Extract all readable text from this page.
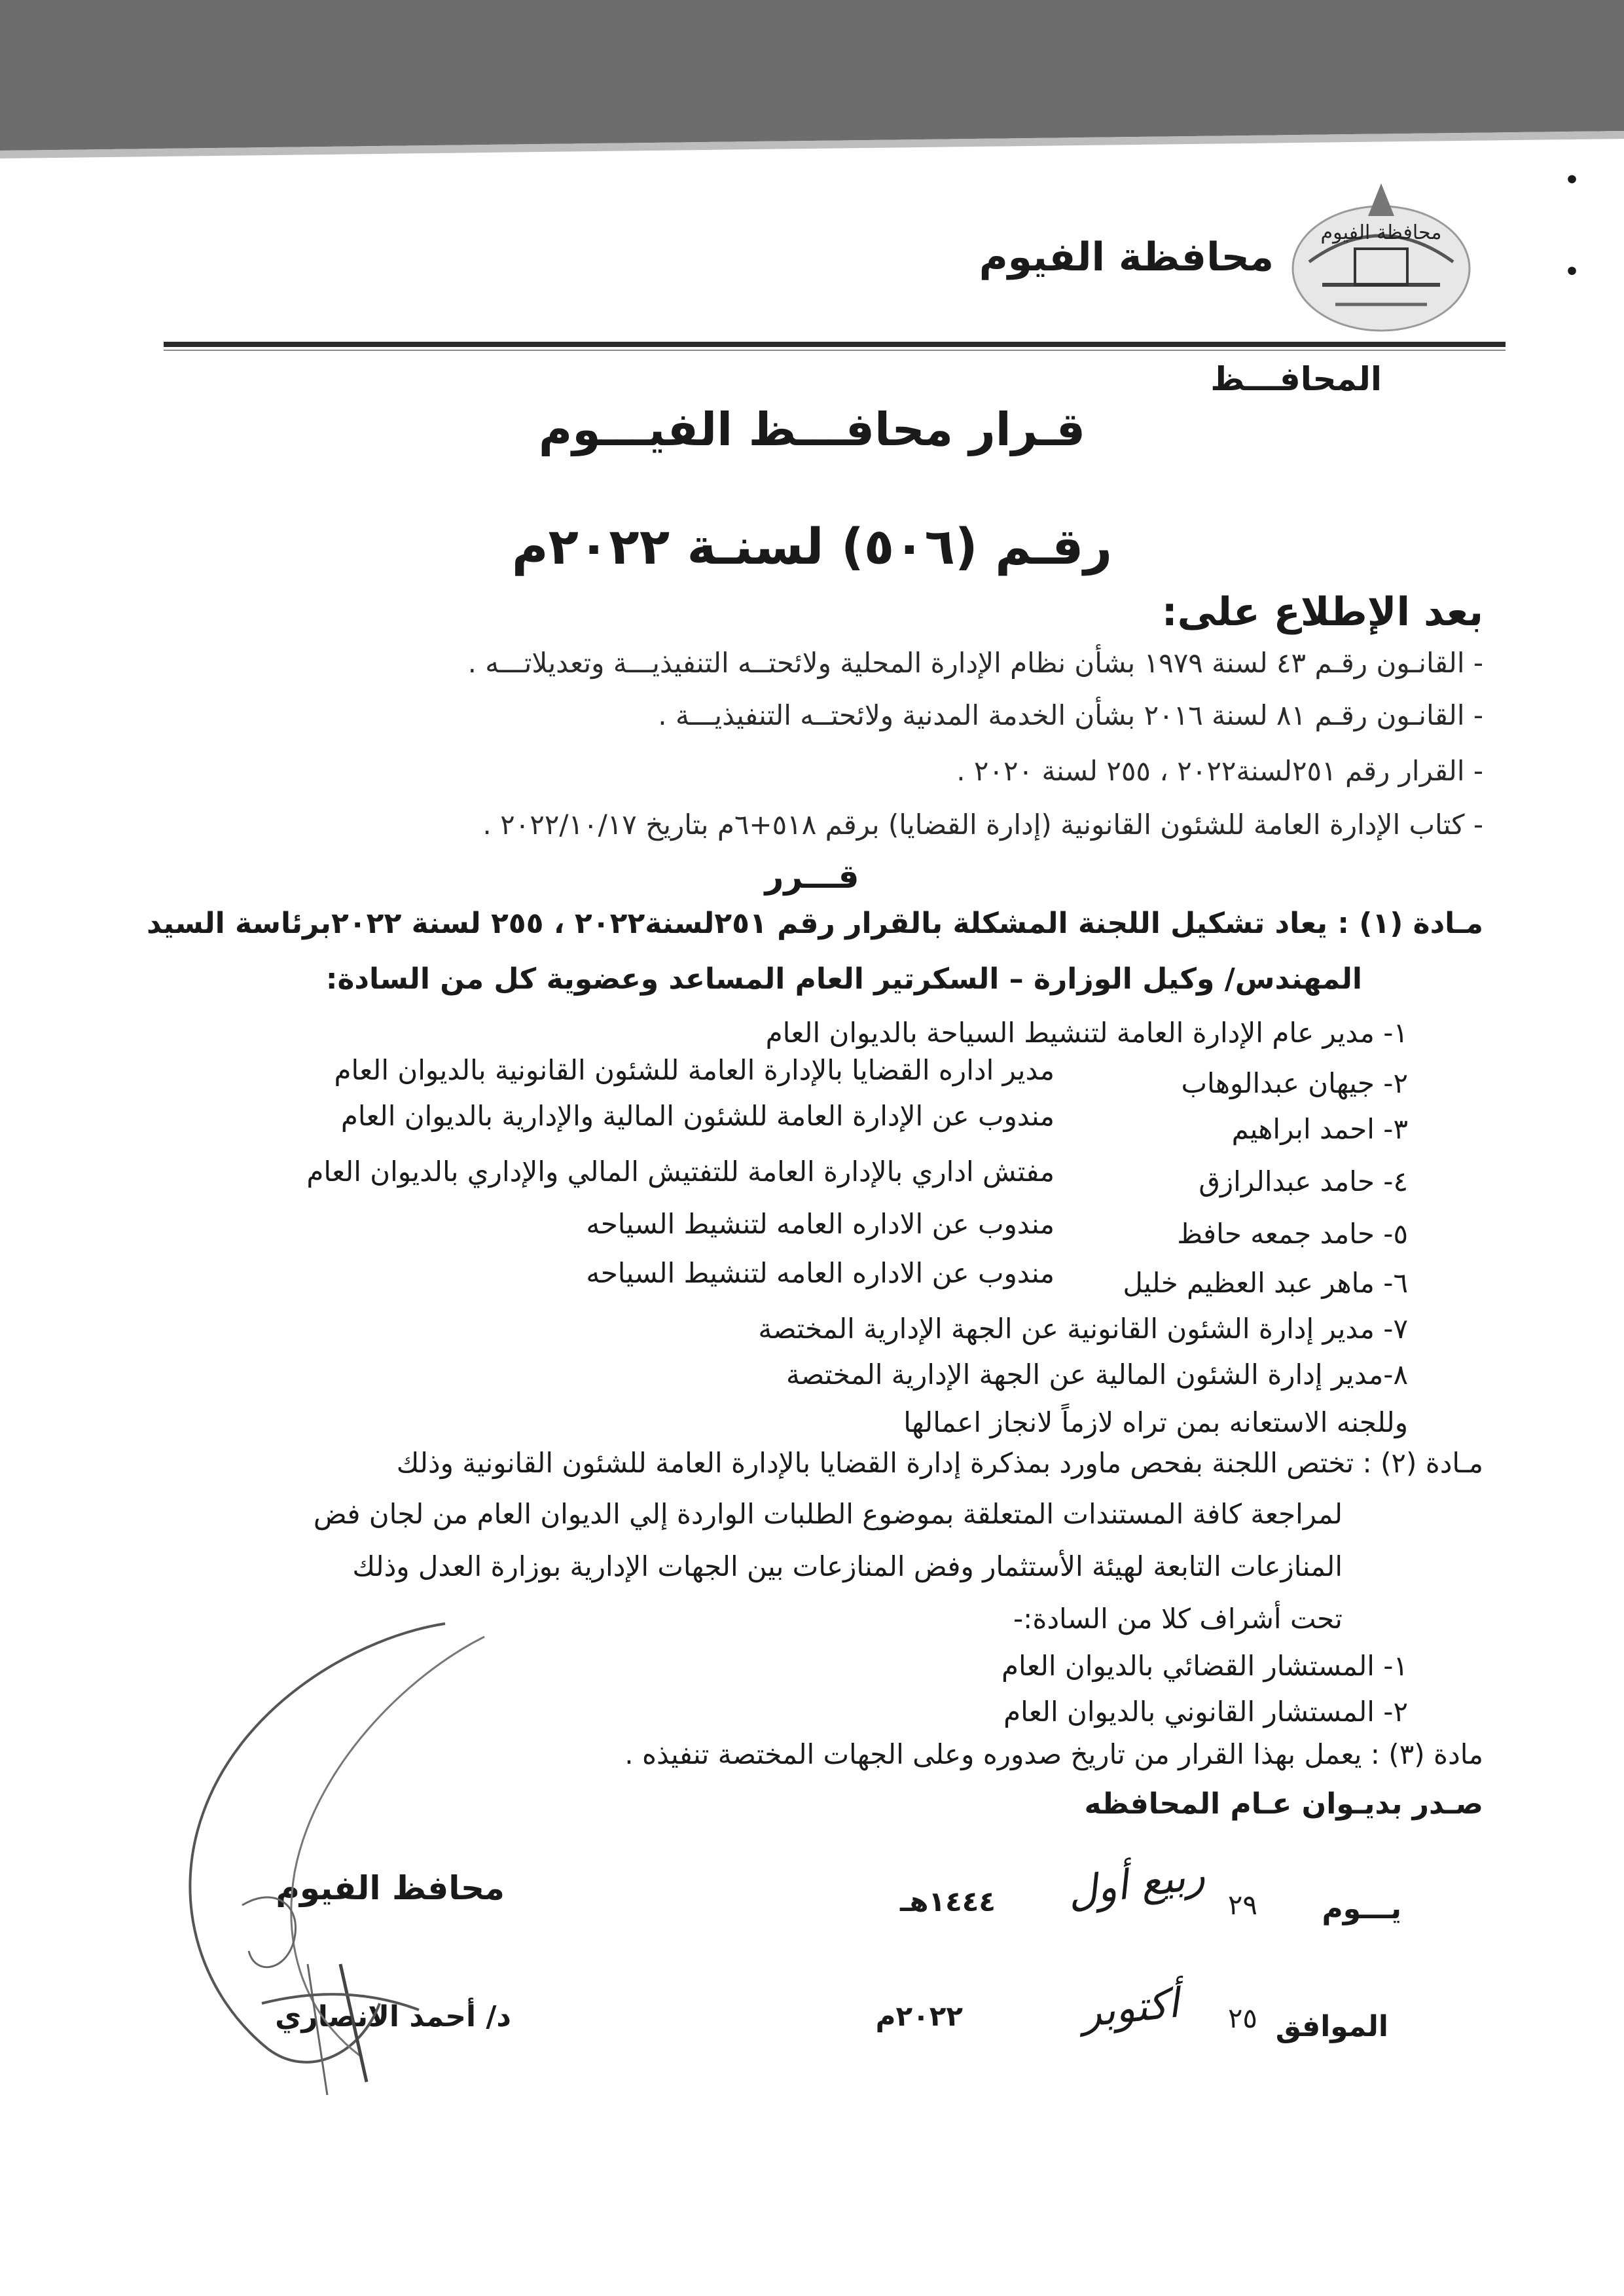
•
•
محافظة الفيوم
محافظة الفيوم
المحافـــظ
قـرار محافـــظ الفيـــوم
رقـم (٥٠٦) لسنـة ٢٠٢٢م
بعد الإطلاع على:
- القانـون رقـم ٤٣ لسنة ١٩٧٩ بشأن نظام الإدارة المحلية ولائحتــه التنفيذيـــة وتعديلاتـــه .
- القانـون رقـم ٨١ لسنة ٢٠١٦ بشأن الخدمة المدنية ولائحتــه التنفيذيـــة .
- القرار رقم ٢٥١لسنة٢٠٢٢ ، ٢٥٥ لسنة ٢٠٢٠ .
- كتاب الإدارة العامة للشئون القانونية (إدارة القضايا) برقم ٥١٨+٦م بتاريخ ٢٠٢٢/١٠/١٧ .
قـــرر
مـادة (١) : يعاد تشكيل اللجنة المشكلة بالقرار رقم ٢٥١لسنة٢٠٢٢ ، ٢٥٥ لسنة ٢٠٢٢برئاسة السيد
المهندس/ وكيل الوزارة – السكرتير العام المساعد وعضوية كل من السادة:
١- مدير عام الإدارة العامة لتنشيط السياحة بالديوان العام
٢- جيهان عبدالوهاب
مدير اداره القضايا بالإدارة العامة للشئون القانونية بالديوان العام
٣- احمد ابراهيم
مندوب عن الإدارة العامة للشئون المالية والإدارية بالديوان العام
٤- حامد عبدالرازق
مفتش اداري بالإدارة العامة للتفتيش المالي والإداري بالديوان العام
٥- حامد جمعه حافظ
مندوب عن الاداره العامه لتنشيط السياحه
٦- ماهر عبد العظيم خليل
مندوب عن الاداره العامه لتنشيط السياحه
٧- مدير إدارة الشئون القانونية عن الجهة الإدارية المختصة
٨-مدير إدارة الشئون المالية عن الجهة الإدارية المختصة
وللجنه الاستعانه بمن تراه لازماً لانجاز اعمالها
مـادة (٢) : تختص اللجنة بفحص ماورد بمذكرة إدارة القضايا بالإدارة العامة للشئون القانونية وذلك
لمراجعة كافة المستندات المتعلقة بموضوع الطلبات الواردة إلي الديوان العام من لجان فض
المنازعات التابعة لهيئة الأستثمار وفض المنازعات بين الجهات الإدارية بوزارة العدل وذلك
تحت أشراف كلا من السادة:-
١- المستشار القضائي بالديوان العام
٢- المستشار القانوني بالديوان العام
مادة (٣) : يعمل بهذا القرار من تاريخ صدوره وعلى الجهات المختصة تنفيذه .
صـدر بديـوان عـام المحافظه
يـــوم
٢٩
ربيع أول
١٤٤٤هـ
الموافق
٢٥
أكتوبر
٢٠٢٢م
محافظ الفيوم
د/ أحمد الانصاري
